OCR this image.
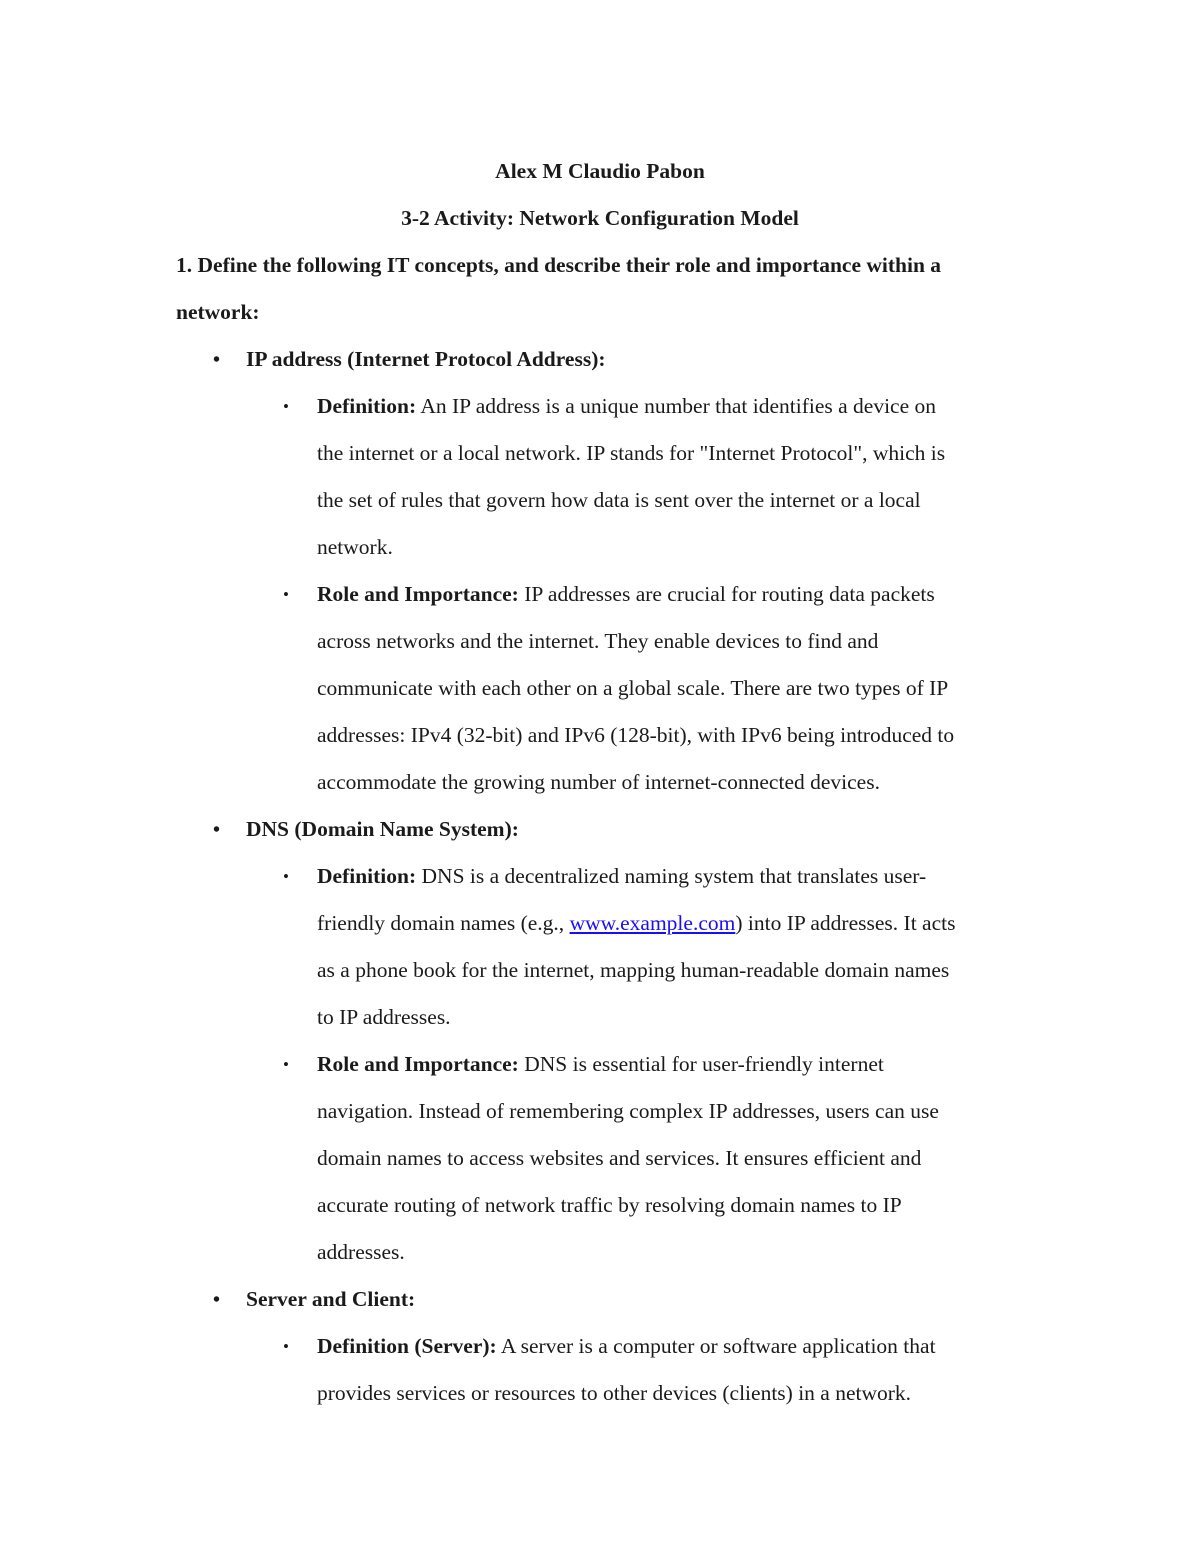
Alex M Claudio Pabon
3-2 Activity: Network Configuration Model
1. Define the following IT concepts, and describe their role and importance within a
network:
• IP address (Internet Protocol Address):
• Definition: An IP address is a unique number that identifies a device on
the internet or a local network. IP stands for "Internet Protocol", which is
the set of rules that govern how data is sent over the internet or a local
network.
• Role and Importance: IP addresses are crucial for routing data packets
across networks and the internet. They enable devices to find and
communicate with each other on a global scale. There are two types of IP
addresses: IPv4 (32-bit) and IPv6 (128-bit), with IPv6 being introduced to
accommodate the growing number of internet-connected devices.
• DNS (Domain Name System):
• Definition: DNS is a decentralized naming system that translates user-
friendly domain names (e.g., www.example.com) into IP addresses. It acts
as a phone book for the internet, mapping human-readable domain names
to IP addresses.
• Role and Importance: DNS is essential for user-friendly internet
navigation. Instead of remembering complex IP addresses, users can use
domain names to access websites and services. It ensures efficient and
accurate routing of network traffic by resolving domain names to IP
addresses.
• Server and Client:
• Definition (Server): A server is a computer or software application that
provides services or resources to other devices (clients) in a network.
